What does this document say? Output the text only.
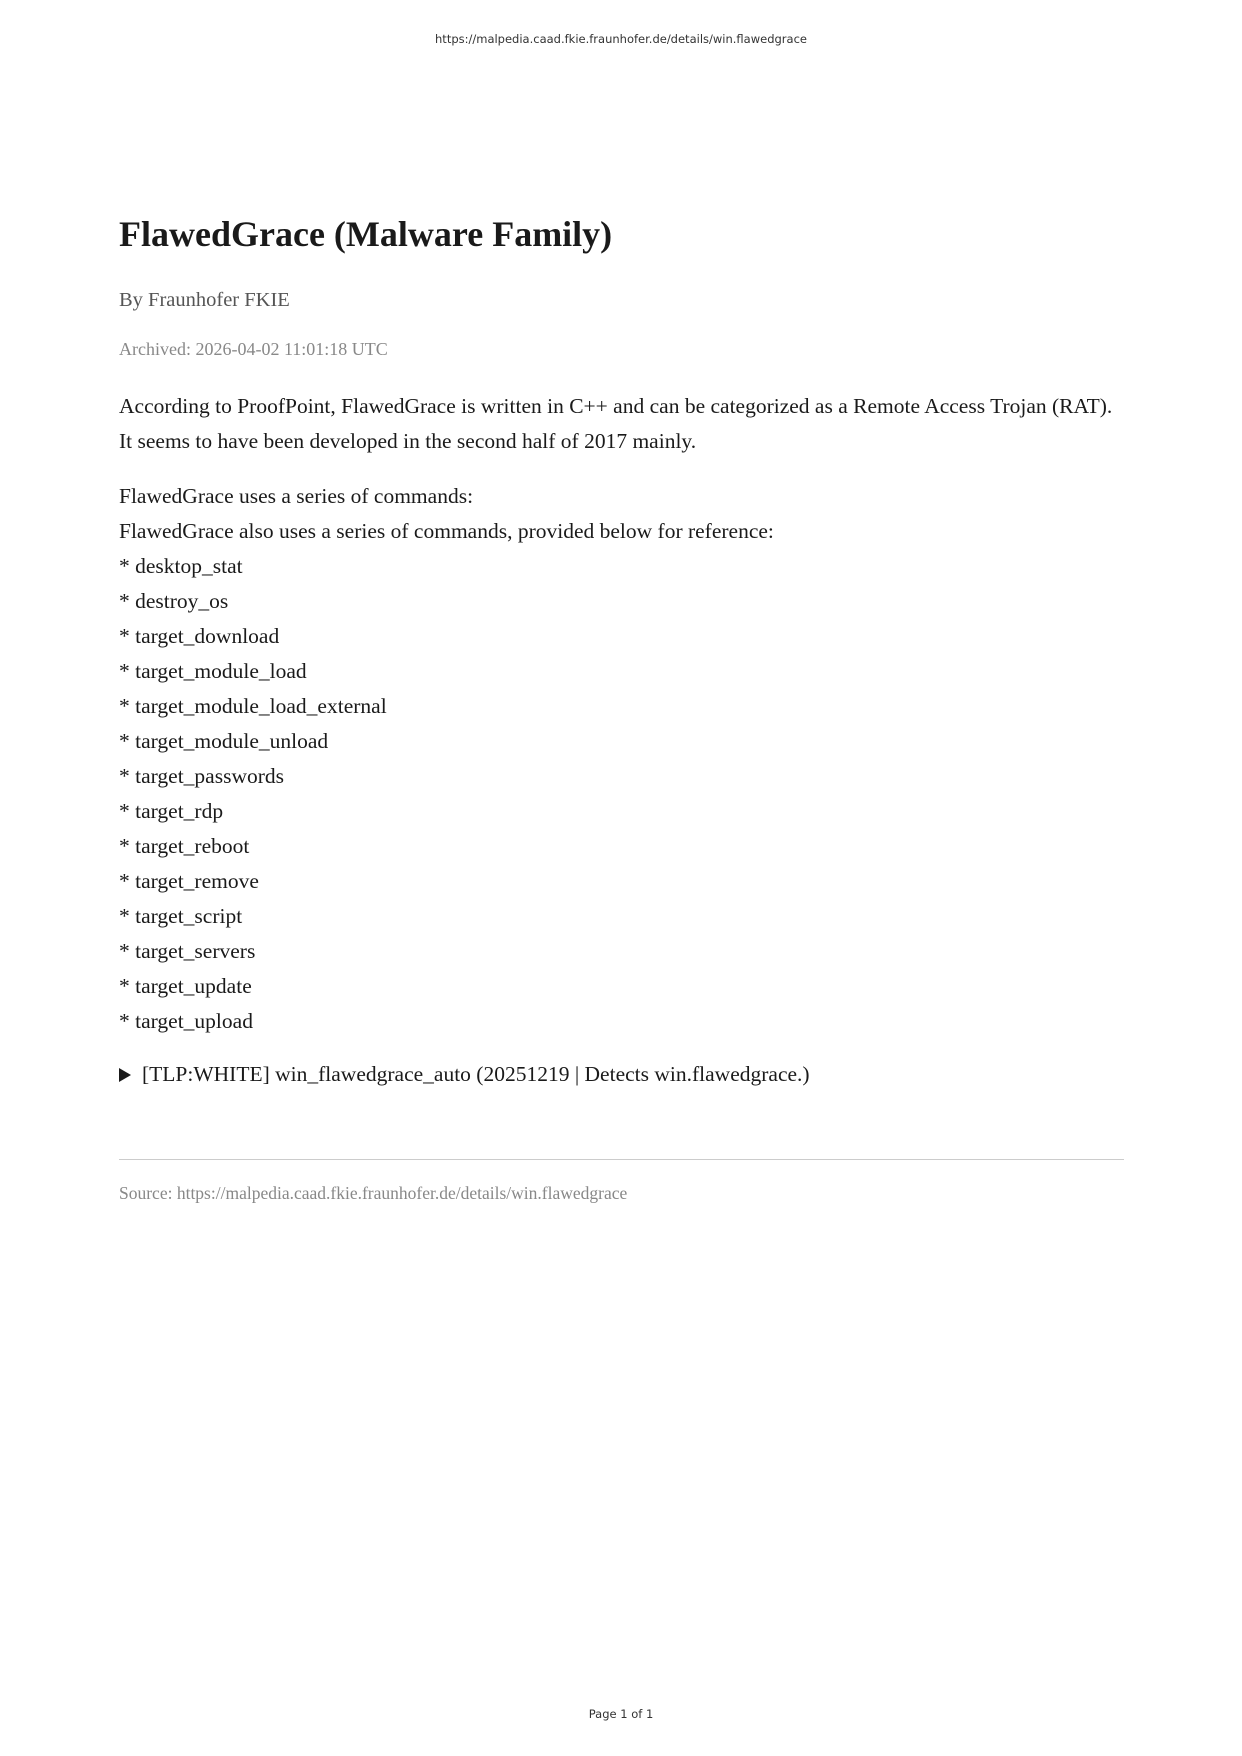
https://malpedia.caad.fkie.fraunhofer.de/details/win.flawedgrace
FlawedGrace (Malware Family)
By Fraunhofer FKIE
Archived: 2026-04-02 11:01:18 UTC

According to ProofPoint, FlawedGrace is written in C++ and can be categorized as a Remote Access Trojan (RAT). It seems to have been developed in the second half of 2017 mainly.

FlawedGrace uses a series of commands:
FlawedGrace also uses a series of commands, provided below for reference:
* desktop_stat
* destroy_os
* target_download
* target_module_load
* target_module_load_external
* target_module_unload
* target_passwords
* target_rdp
* target_reboot
* target_remove
* target_script
* target_servers
* target_update
* target_upload
[TLP:WHITE] win_flawedgrace_auto (20251219 | Detects win.flawedgrace.)
Source: https://malpedia.caad.fkie.fraunhofer.de/details/win.flawedgrace
Page 1 of 1
